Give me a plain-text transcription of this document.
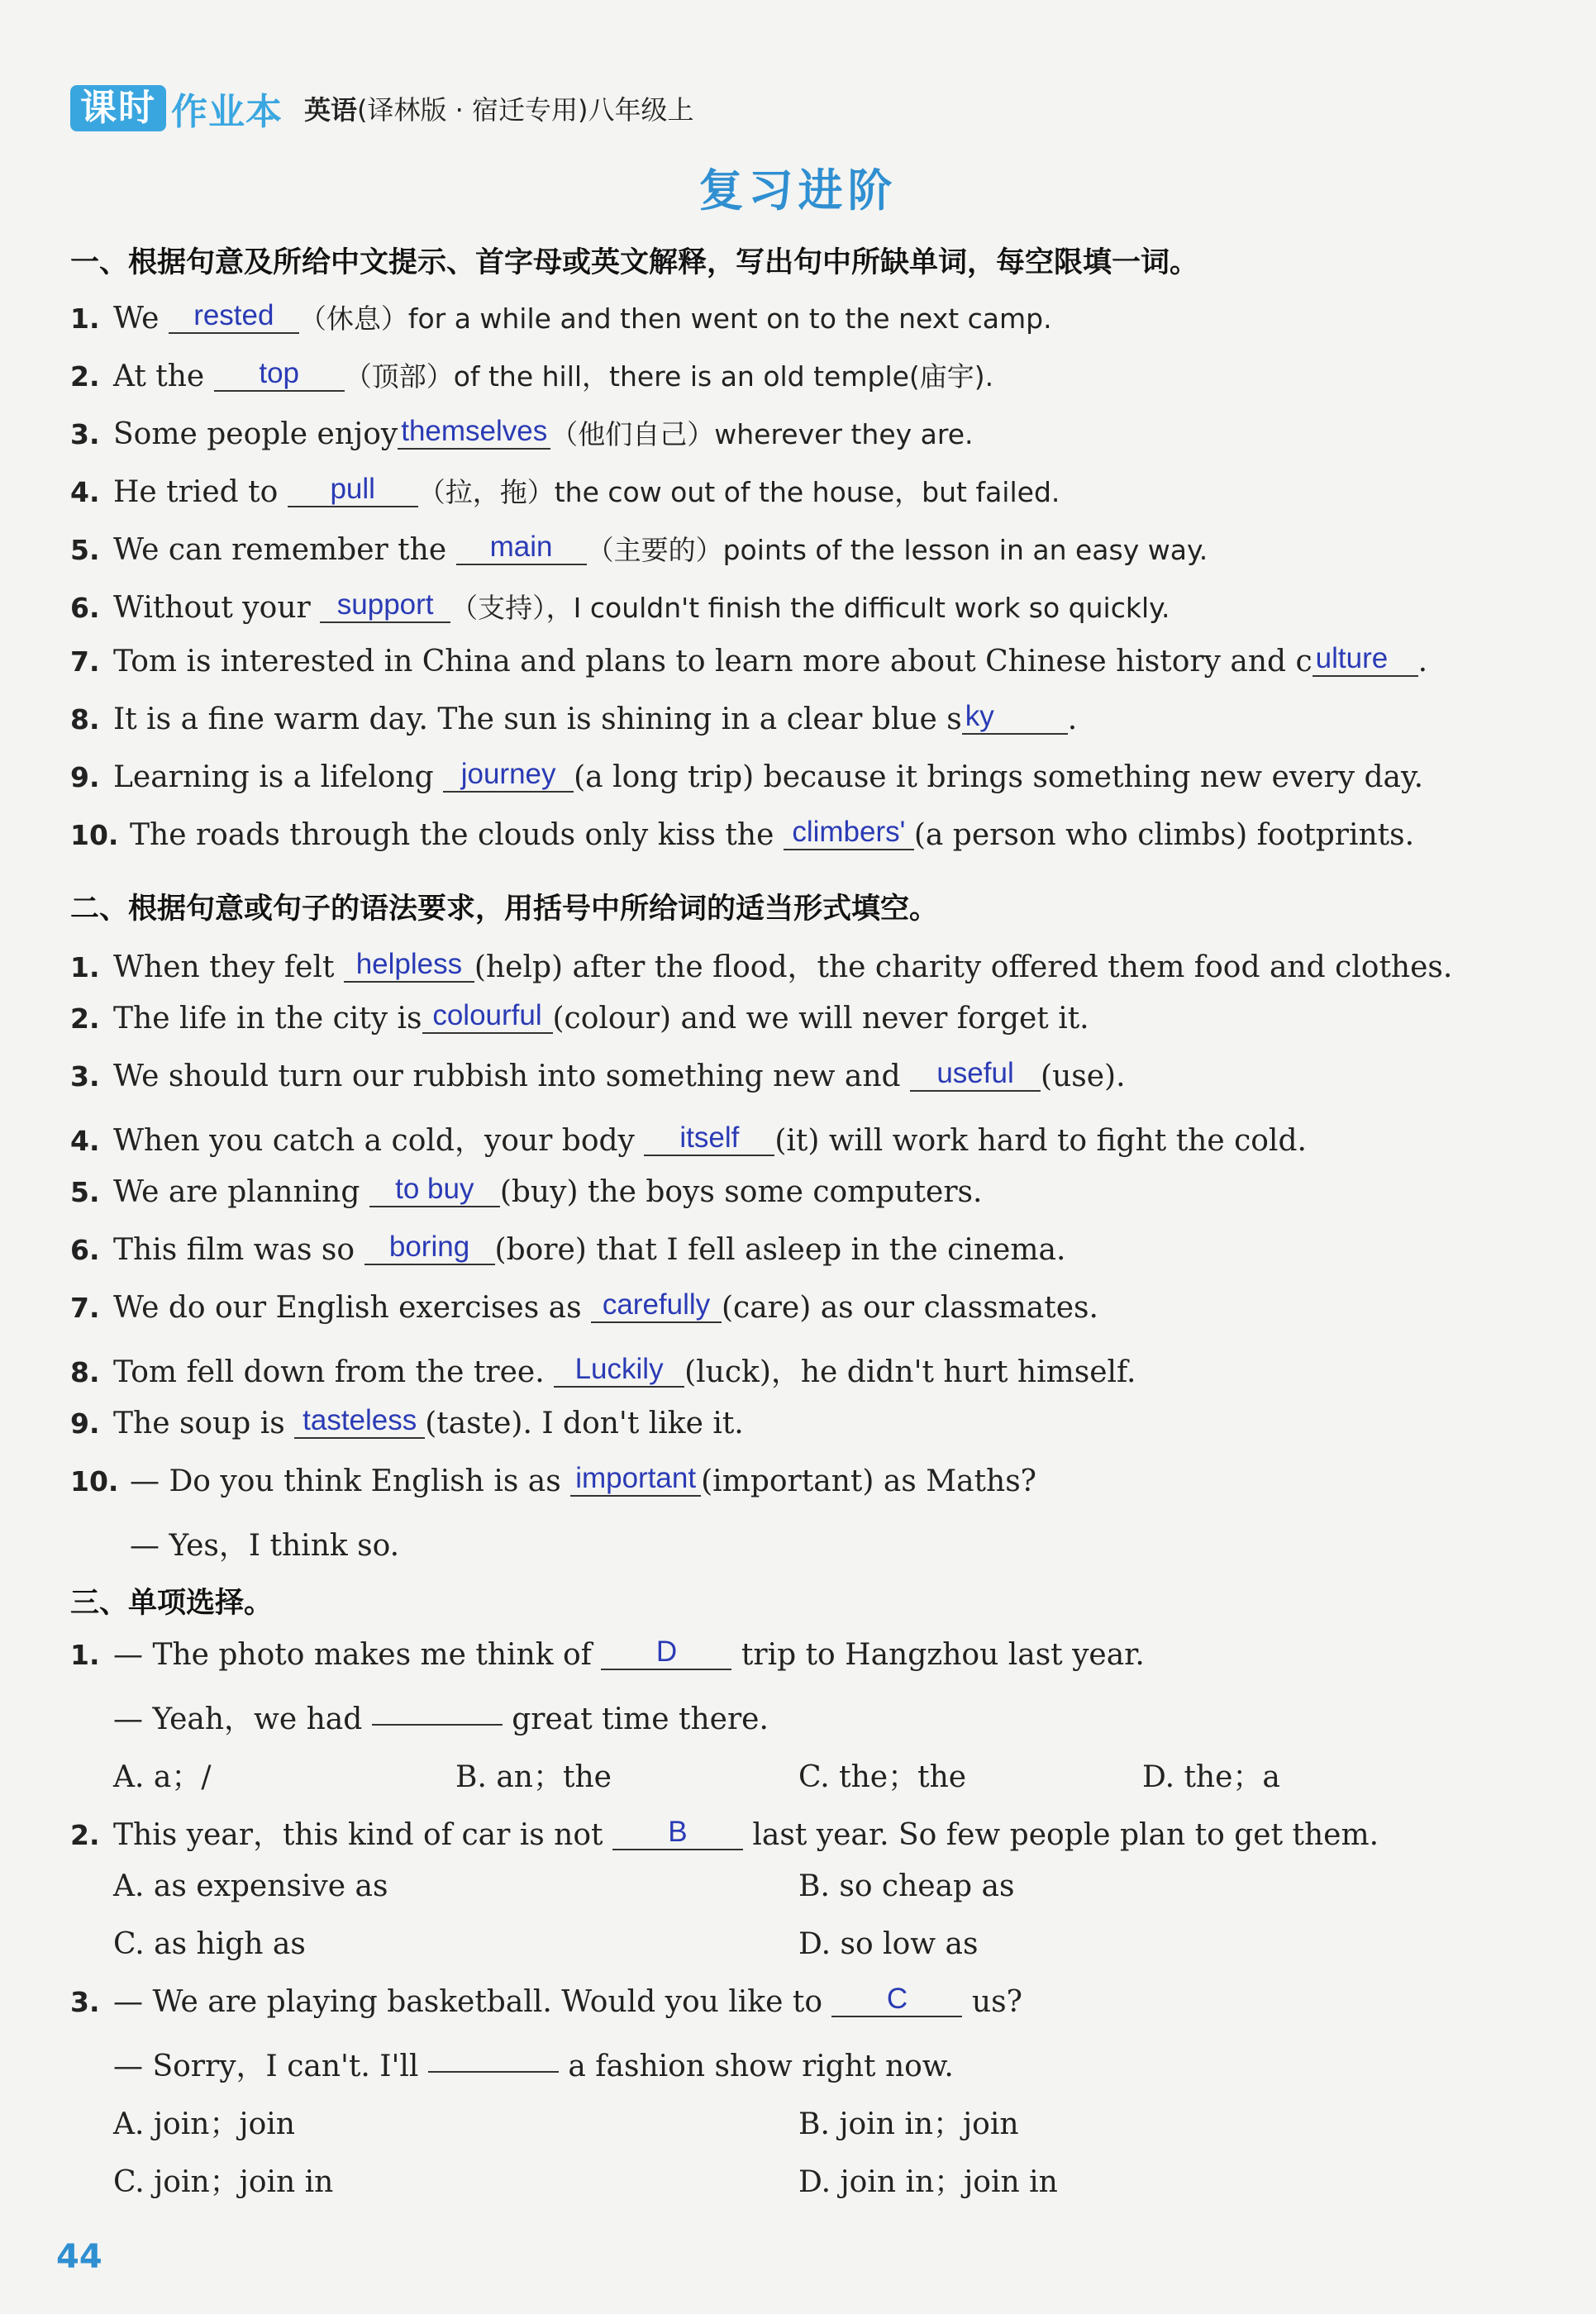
课时 作业本 英语(译林版 · 宿迁专用)八年级上
复习进阶
一、根据句意及所给中文提示、首字母或英文解释，写出句中所缺单词，每空限填一词。
1. We rested （休息）for a while and then went on to the next camp.
2. At the top （顶部）of the hill，there is an old temple(庙宇).
3. Some people enjoy themselves （他们自己）wherever they are.
4. He tried to pull （拉，拖）the cow out of the house，but failed.
5. We can remember the main （主要的）points of the lesson in an easy way.
6. Without your support （支持），I couldn't finish the difficult work so quickly.
7. Tom is interested in China and plans to learn more about Chinese history and c ulture .
8. It is a fine warm day. The sun is shining in a clear blue s ky .
9. Learning is a lifelong journey (a long trip) because it brings something new every day.
10. The roads through the clouds only kiss the climbers' (a person who climbs) footprints.
二、根据句意或句子的语法要求，用括号中所给词的适当形式填空。
1. When they felt helpless (help) after the flood，the charity offered them food and clothes.
2. The life in the city is colourful (colour) and we will never forget it.
3. We should turn our rubbish into something new and useful (use).
4. When you catch a cold，your body itself (it) will work hard to fight the cold.
5. We are planning to buy (buy) the boys some computers.
6. This film was so boring (bore) that I fell asleep in the cinema.
7. We do our English exercises as carefully (care) as our classmates.
8. Tom fell down from the tree. Luckily (luck)，he didn't hurt himself.
9. The soup is tasteless (taste). I don't like it.
10. — Do you think English is as important (important) as Maths?
— Yes，I think so.
三、单项选择。
1. — The photo makes me think of D trip to Hangzhou last year.
— Yeah，we had	great time there.
A. a；/	B. an；the	C. the；the	D. the；a
2. This year，this kind of car is not B last year. So few people plan to get them.
A. as expensive as	B. so cheap as
C. as high as	D. so low as
3. — We are playing basketball. Would you like to C us?
— Sorry，I can't. I'll	a fashion show right now.
A. join；join	B. join in；join
C. join；join in	D. join in；join in
44
